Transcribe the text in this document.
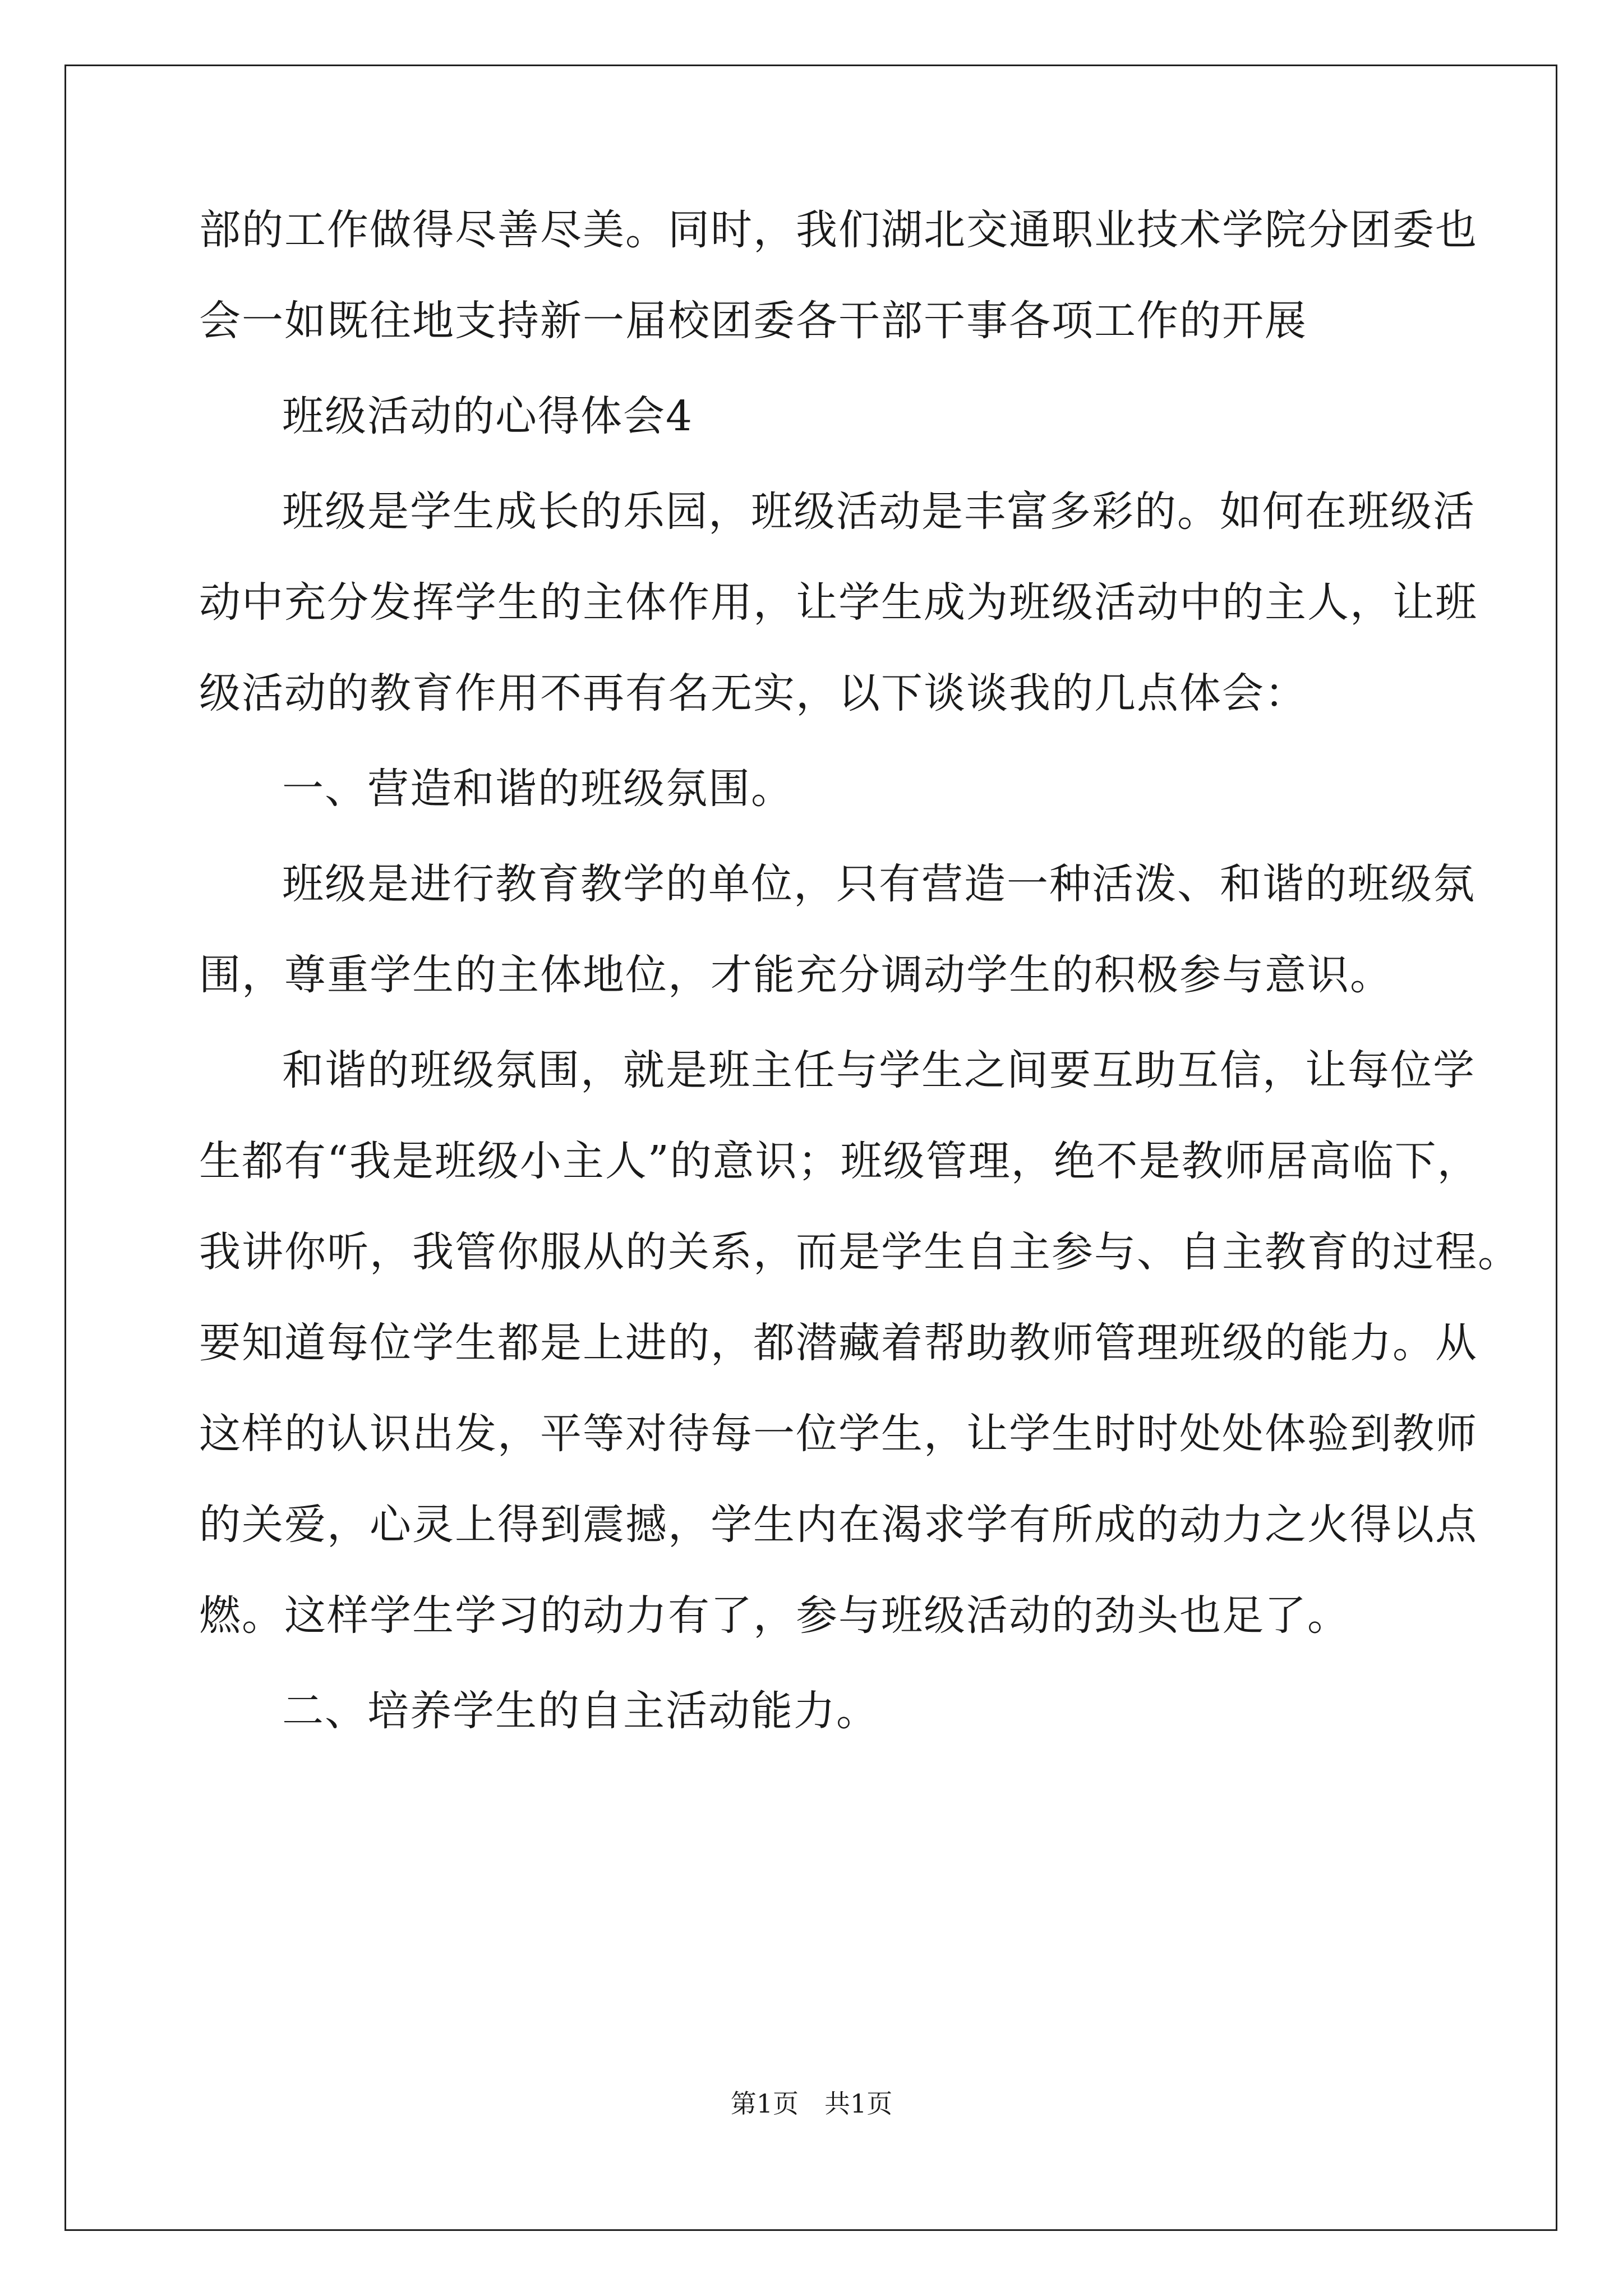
部的工作做得尽善尽美。同时，我们湖北交通职业技术学院分团委也
会一如既往地支持新一届校团委各干部干事各项工作的开展
班级活动的心得体会4
班级是学生成长的乐园，班级活动是丰富多彩的。如何在班级活
动中充分发挥学生的主体作用，让学生成为班级活动中的主人，让班
级活动的教育作用不再有名无实，以下谈谈我的几点体会：
一、营造和谐的班级氛围。
班级是进行教育教学的单位，只有营造一种活泼、和谐的班级氛
围，尊重学生的主体地位，才能充分调动学生的积极参与意识。
和谐的班级氛围，就是班主任与学生之间要互助互信，让每位学
生都有“我是班级小主人”的意识；班级管理，绝不是教师居高临下，
我讲你听，我管你服从的关系，而是学生自主参与、自主教育的过程。
要知道每位学生都是上进的，都潜藏着帮助教师管理班级的能力。从
这样的认识出发，平等对待每一位学生，让学生时时处处体验到教师
的关爱，心灵上得到震撼，学生内在渴求学有所成的动力之火得以点
燃。这样学生学习的动力有了，参与班级活动的劲头也足了。
二、培养学生的自主活动能力。
第1页　共1页
